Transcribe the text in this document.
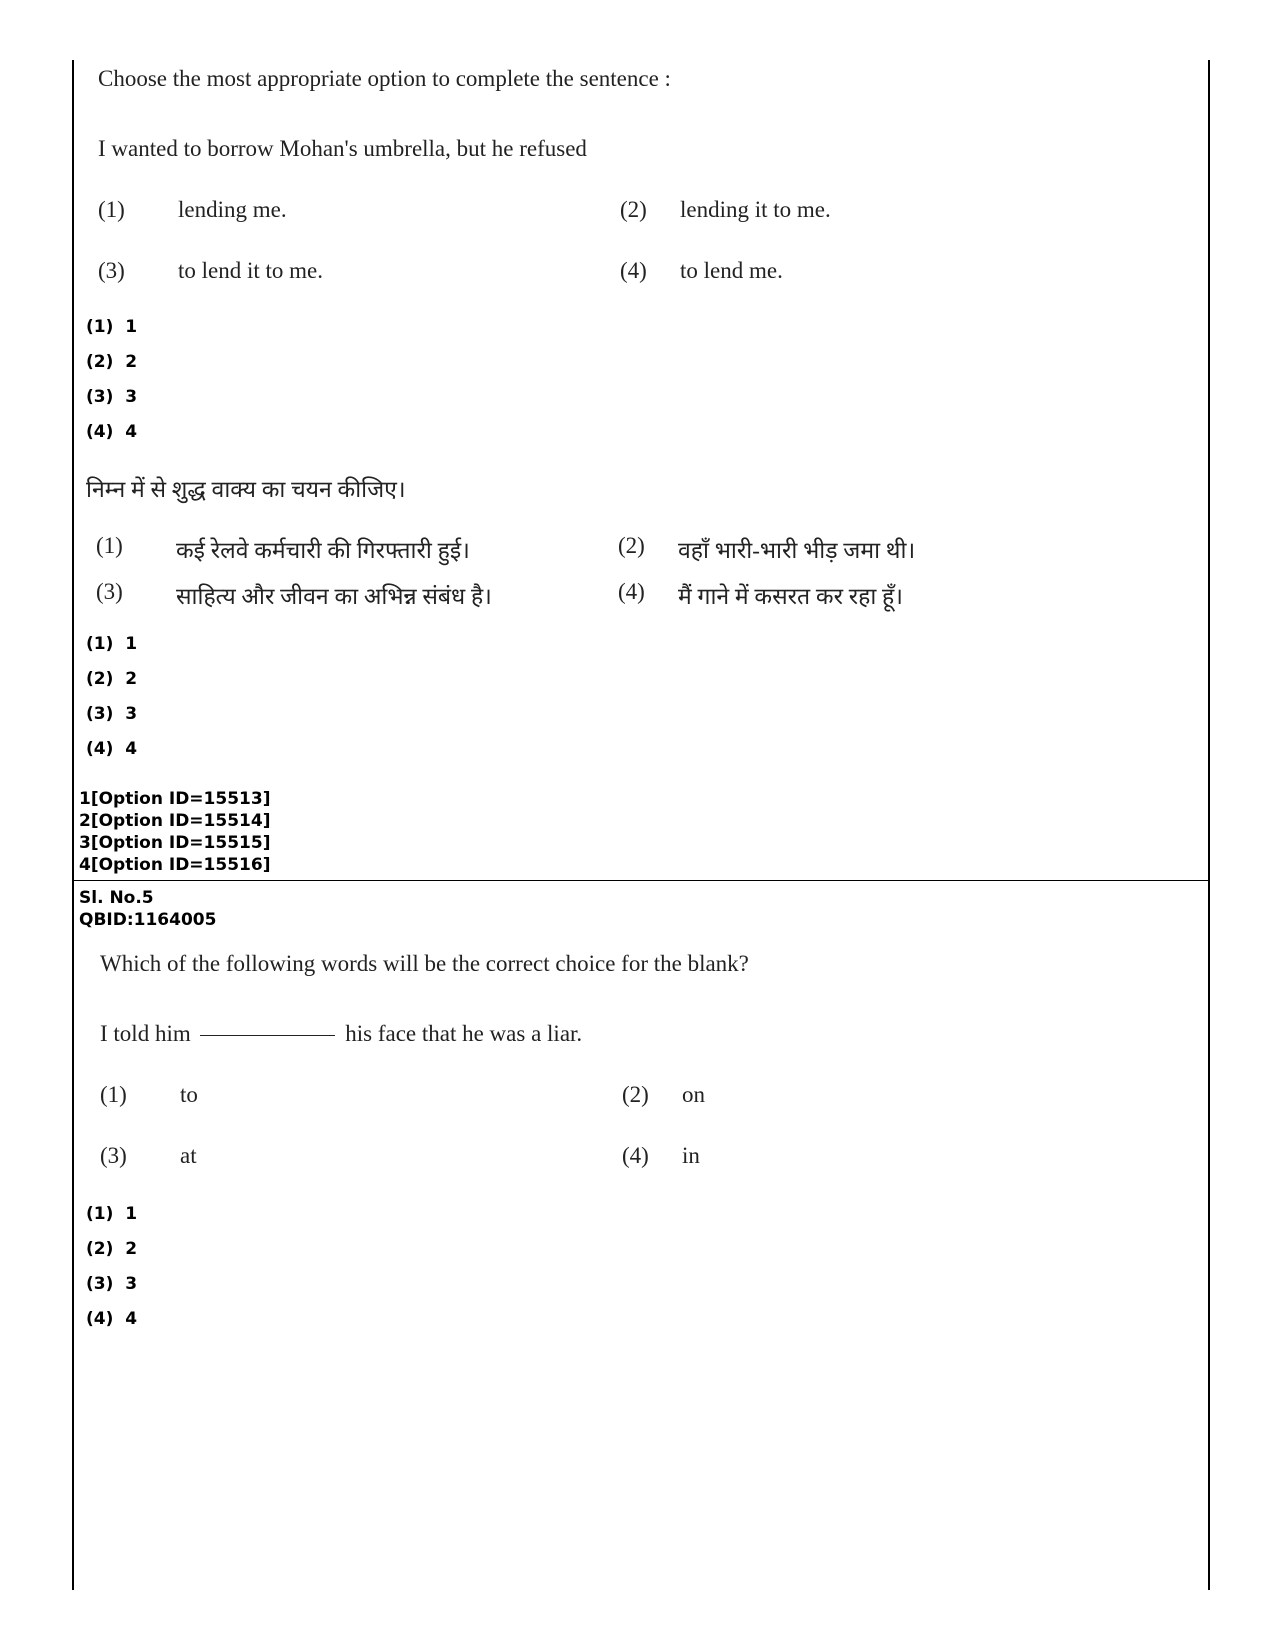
Choose the most appropriate option to complete the sentence :
I wanted to borrow Mohan's umbrella, but he refused
(1) lending me.	(2) lending it to me.
(3) to lend it to me.	(4) to lend me.
(1)  1
(2)  2
(3)  3
(4)  4
निम्न में से शुद्ध वाक्य का चयन कीजिए।
(1) कई रेलवे कर्मचारी की गिरफ्तारी हुई।	(2) वहाँ भारी-भारी भीड़ जमा थी।
(3) साहित्य और जीवन का अभिन्न संबंध है।	(4) मैं गाने में कसरत कर रहा हूँ।
(1)  1
(2)  2
(3)  3
(4)  4
1[Option ID=15513]
2[Option ID=15514]
3[Option ID=15515]
4[Option ID=15516]
Sl. No.5
QBID:1164005
Which of the following words will be the correct choice for the blank?
I told him	his face that he was a liar.
(1) to	(2) on
(3) at	(4) in
(1)  1
(2)  2
(3)  3
(4)  4
